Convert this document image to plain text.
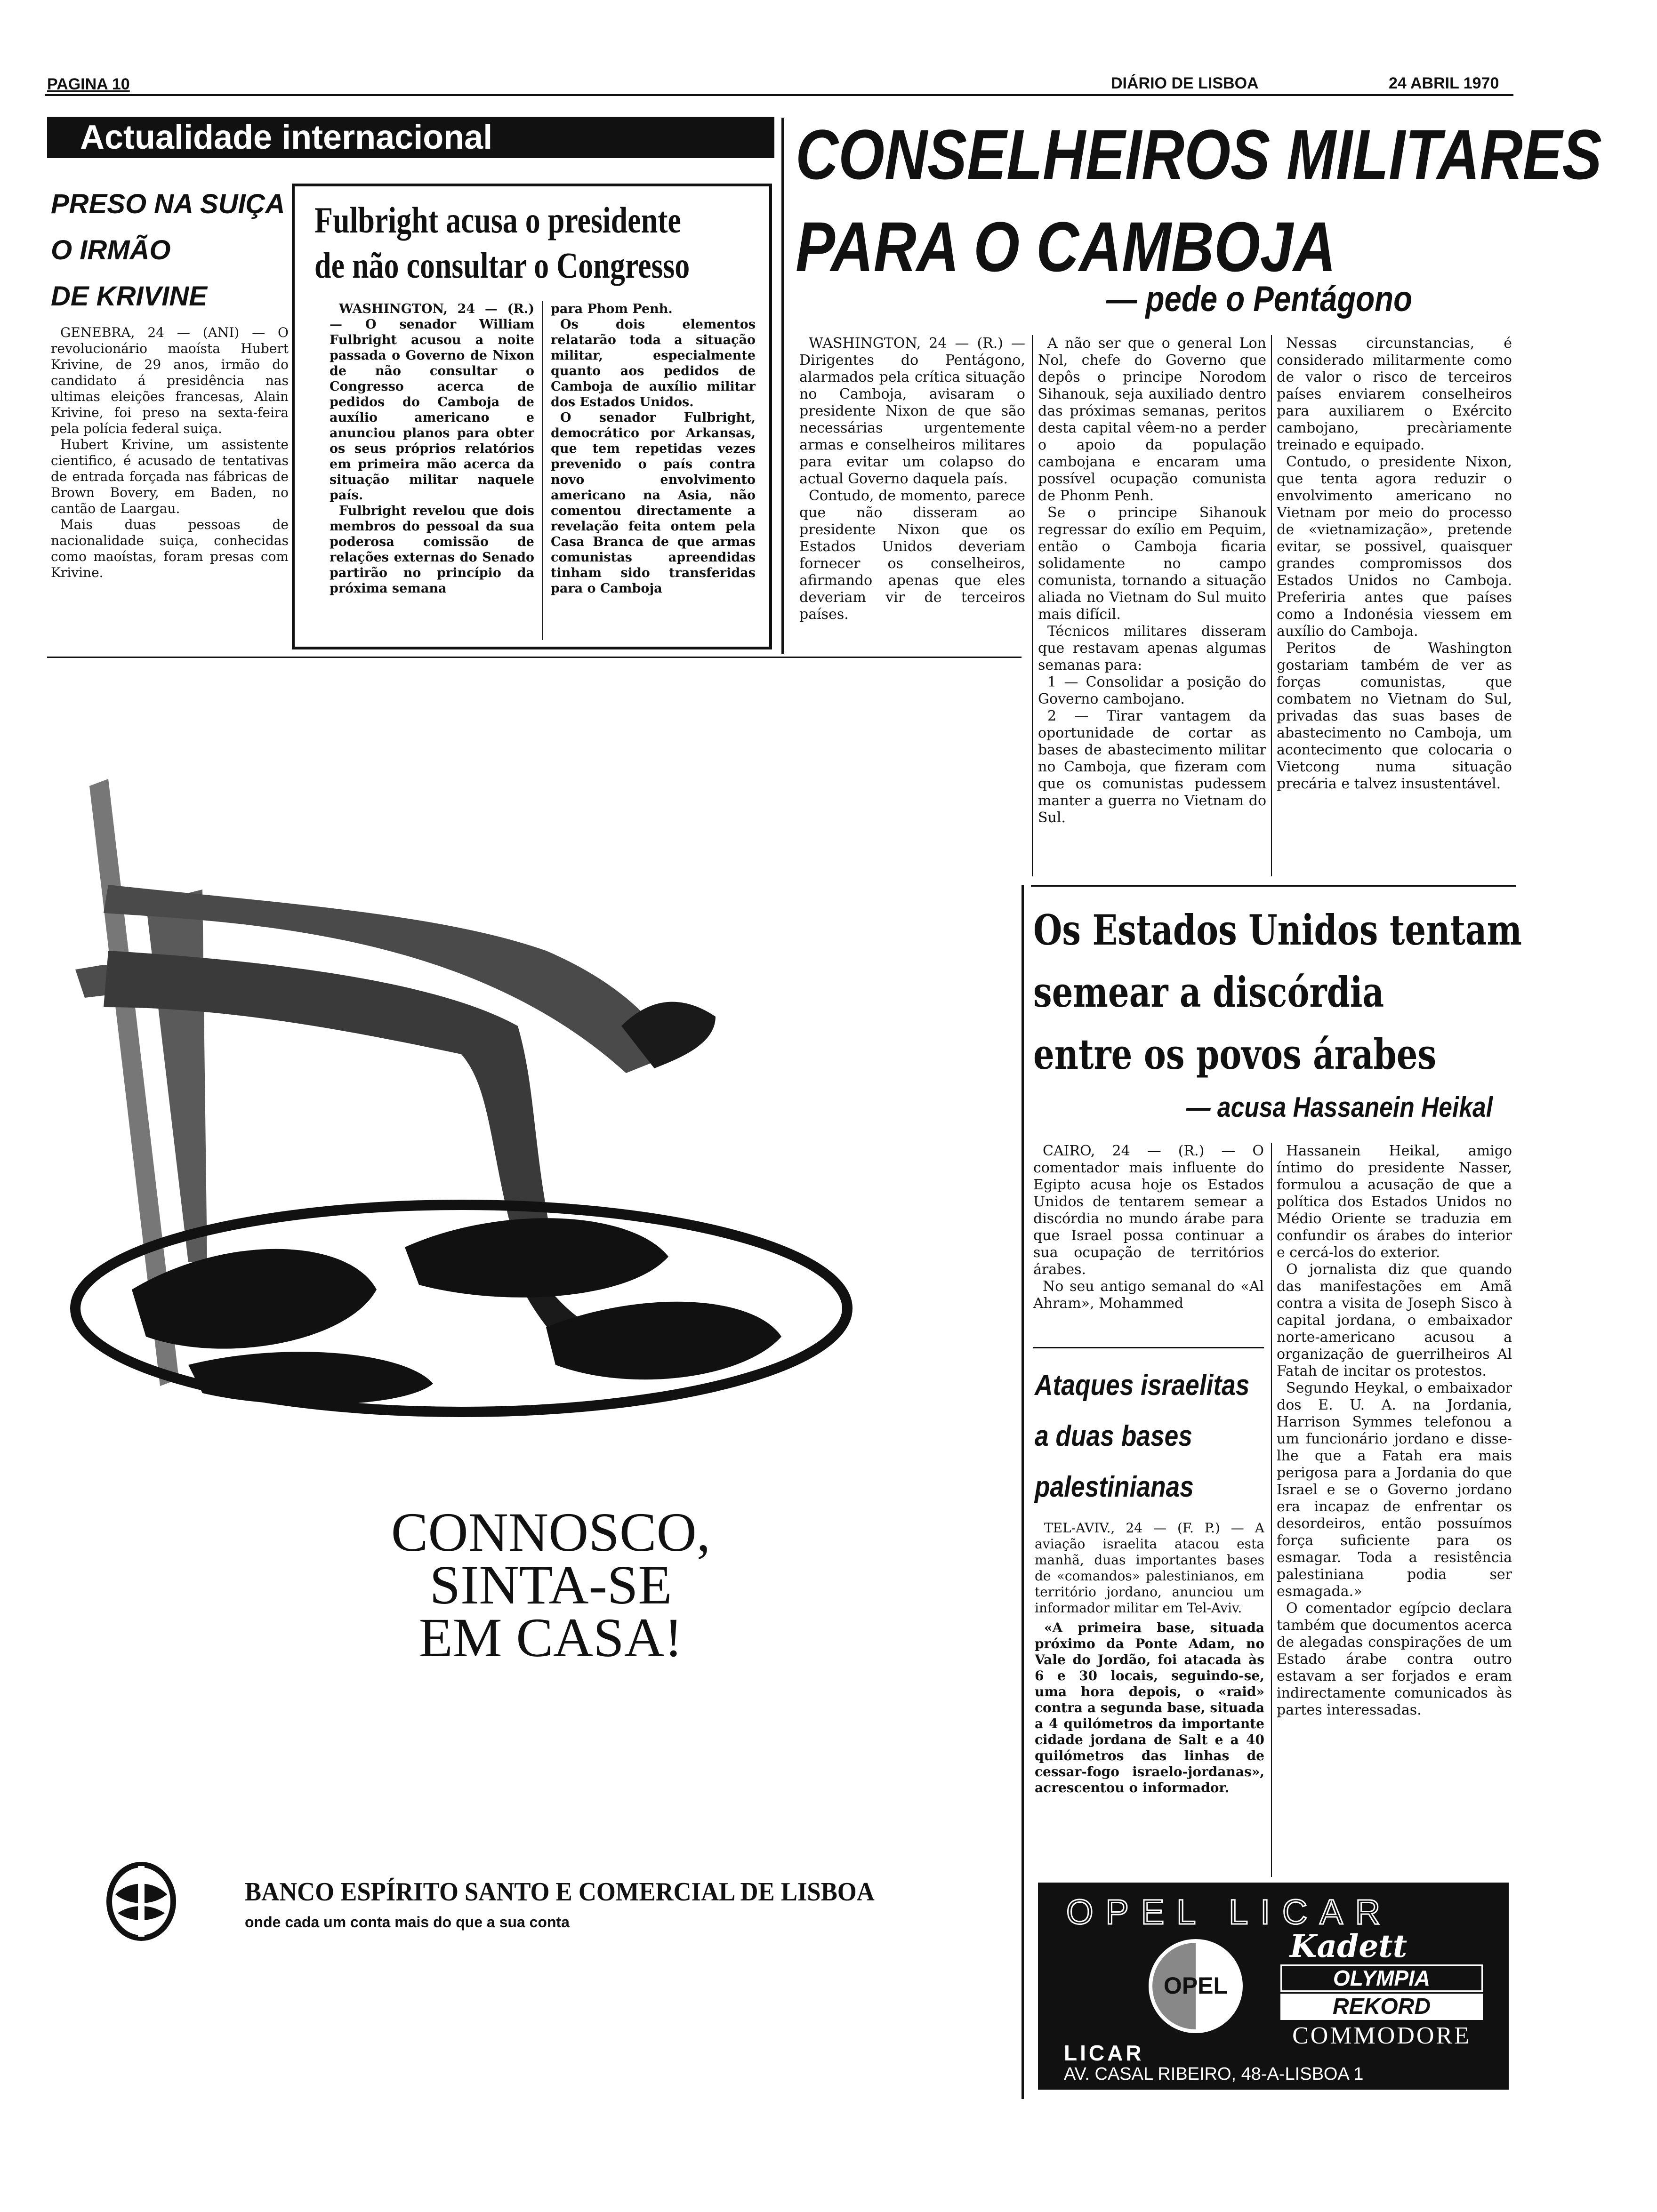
PAGINA 10	DIÁRIO DE LISBOA	24 ABRIL 1970
Actualidade internacional
PRESO NA SUIÇA
O IRMÃO
DE KRIVINE

GENEBRA, 24 — (ANI) — O revolucionário maoísta Hubert Krivine, de 29 anos, irmão do candidato á presidência nas ultimas eleições francesas, Alain Krivine, foi preso na sexta-feira pela polícia federal suiça.

Hubert Krivine, um assistente cientifico, é acusado de tentativas de entrada forçada nas fábricas de Brown Bovery, em Baden, no cantão de Laargau.

Mais duas pessoas de nacionalidade suiça, conhecidas como maoístas, foram presas com Krivine.

Fulbright acusa o presidente
de não consultar o Congresso

WASHINGTON, 24 — (R.) — O senador William Fulbright acusou a noite passada o Governo de Nixon de não consultar o Congresso acerca de pedidos do Camboja de auxílio americano e anunciou planos para obter os seus próprios relatórios em primeira mão acerca da situação militar naquele país.

Fulbright revelou que dois membros do pessoal da sua poderosa comissão de relações externas do Senado partirão no princípio da próxima semana

para Phom Penh.

Os dois elementos relatarão toda a situação militar, especialmente quanto aos pedidos de Camboja de auxílio militar dos Estados Unidos.

O senador Fulbright, democrático por Arkansas, que tem repetidas vezes prevenido o país contra novo envolvimento americano na Asia, não comentou directamente a revelação feita ontem pela Casa Branca de que armas comunistas apreendidas tinham sido transferidas para o Camboja

CONSELHEIROS MILITARES
PARA O CAMBOJA
— pede o Pentágono

WASHINGTON, 24 — (R.) — Dirigentes do Pentágono, alarmados pela crítica situação no Camboja, avisaram o presidente Nixon de que são necessárias urgentemente armas e conselheiros militares para evitar um colapso do actual Governo daquela país.

Contudo, de momento, parece que não disseram ao presidente Nixon que os Estados Unidos deveriam fornecer os conselheiros, afirmando apenas que eles deveriam vir de terceiros países.

A não ser que o general Lon Nol, chefe do Governo que depôs o principe Norodom Sihanouk, seja auxiliado dentro das próximas semanas, peritos desta capital vêem-no a perder o apoio da população cambojana e encaram uma possível ocupação comunista de Phonm Penh.

Se o principe Sihanouk regressar do exílio em Pequim, então o Camboja ficaria solidamente no campo comunista, tornando a situação aliada no Vietnam do Sul muito mais difícil.

Técnicos militares disseram que restavam apenas algumas semanas para:

1 — Consolidar a posição do Governo cambojano.

2 — Tirar vantagem da oportunidade de cortar as bases de abastecimento militar no Camboja, que fizeram com que os comunistas pudessem manter a guerra no Vietnam do Sul.

Nessas circunstancias, é considerado militarmente como de valor o risco de terceiros países enviarem conselheiros para auxiliarem o Exército cambojano, precàriamente treinado e equipado.

Contudo, o presidente Nixon, que tenta agora reduzir o envolvimento americano no Vietnam por meio do processo de «vietnamização», pretende evitar, se possivel, quaisquer grandes compromissos dos Estados Unidos no Camboja. Preferiria antes que países como a Indonésia viessem em auxílio do Camboja.

Peritos de Washington gostariam também de ver as forças comunistas, que combatem no Vietnam do Sul, privadas das suas bases de abastecimento no Camboja, um acontecimento que colocaria o Vietcong numa situação precária e talvez insustentável.

Os Estados Unidos tentam
semear a discórdia
entre os povos árabes
— acusa Hassanein Heikal

CAIRO, 24 — (R.) — O comentador mais influente do Egipto acusa hoje os Estados Unidos de tentarem semear a discórdia no mundo árabe para que Israel possa continuar a sua ocupação de territórios árabes.

No seu antigo semanal do «Al Ahram», Mohammed

Hassanein Heikal, amigo íntimo do presidente Nasser, formulou a acusação de que a política dos Estados Unidos no Médio Oriente se traduzia em confundir os árabes do interior e cercá-los do exterior.

O jornalista diz que quando das manifestações em Amã contra a visita de Joseph Sisco à capital jordana, o embaixador norte-americano acusou a organização de guerrilheiros Al Fatah de incitar os protestos.

Segundo Heykal, o embaixador dos E. U. A. na Jordania, Harrison Symmes telefonou a um funcionário jordano e disse-lhe que a Fatah era mais perigosa para a Jordania do que Israel e se o Governo jordano era incapaz de enfrentar os desordeiros, então possuímos força suficiente para os esmagar. Toda a resistência palestiniana podia ser esmagada.»

O comentador egípcio declara também que documentos acerca de alegadas conspirações de um Estado árabe contra outro estavam a ser forjados e eram indirectamente comunicados às partes interessadas.

Ataques israelitas
a duas bases
palestinianas

TEL-AVIV., 24 — (F. P.) — A aviação israelita atacou esta manhã, duas importantes bases de «comandos» palestinianos, em território jordano, anunciou um informador militar em Tel-Aviv.

«A primeira base, situada próximo da Ponte Adam, no Vale do Jordão, foi atacada às 6 e 30 locais, seguindo-se, uma hora depois, o «raid» contra a segunda base, situada a 4 quilómetros da importante cidade jordana de Salt e a 40 quilómetros das linhas de cessar-fogo israelo-jordanas», acrescentou o informador.

CONNOSCO,
SINTA-SE
EM CASA!
BANCO ESPÍRITO SANTO E COMERCIAL DE LISBOA
onde cada um conta mais do que a sua conta	OPEL LICAR
OPEL
Kadett
OLYMPIA
REKORD
COMMODORE
LICAR
AV. CASAL RIBEIRO, 48-A-LISBOA 1
